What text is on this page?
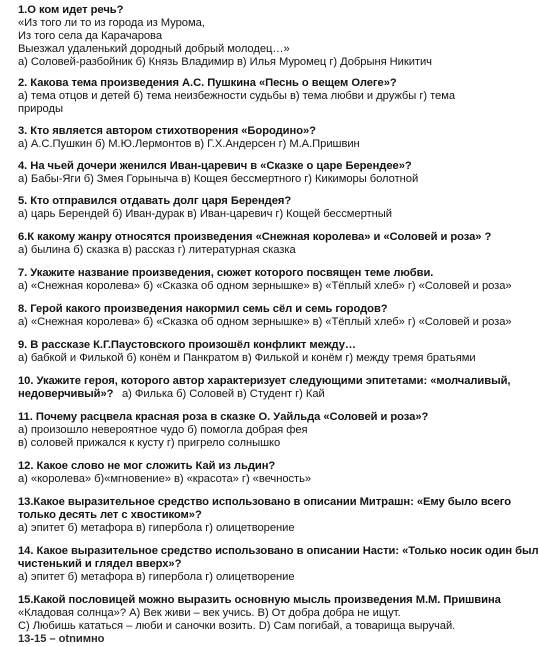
1.О ком идет речь?
«Из того ли то из города из Мурома,
Из того села да Карачарова
Выезжал удаленький дородный добрый молодец…»
а) Соловей-разбойник б) Князь Владимир в) Илья Муромец г) Добрыня Никитич
2. Какова тема произведения А.С. Пушкина «Песнь о вещем Олеге»?
а) тема отцов и детей б) тема неизбежности судьбы в) тема любви и дружбы г) тема
природы
3. Кто является автором стихотворения «Бородино»?
а) А.С.Пушкин б) М.Ю.Лермонтов в) Г.Х.Андерсен г) М.А.Пришвин
4. На чьей дочери женился Иван-царевич в «Сказке о царе Берендее»?
а) Бабы-Яги б) Змея Горыныча в) Кощея бессмертного г) Кикиморы болотной
5. Кто отправился отдавать долг царя Берендея?
а) царь Берендей б) Иван-дурак в) Иван-царевич г) Кощей бессмертный
6.К какому жанру относятся произведения «Снежная королева» и «Соловей и роза» ?
а) былина б) сказка в) рассказ г) литературная сказка
7. Укажите название произведения, сюжет которого посвящен теме любви.
а) «Снежная королева» б) «Сказка об одном зернышке» в) «Тёплый хлеб» г) «Соловей и роза»
8. Герой какого произведения накормил семь сёл и семь городов?
а) «Снежная королева» б) «Сказка об одном зернышке» в) «Тёплый хлеб» г) «Соловей и роза»
9. В рассказе К.Г.Паустовского произошёл конфликт между…
а) бабкой и Филькой б) конём и Панкратом в) Филькой и конём г) между тремя братьями
10. Укажите героя, которого автор характеризует следующими эпитетами: «молчаливый,
недоверчивый»? а) Филька б) Соловей в) Студент г) Кай
11. Почему расцвела красная роза в сказке О. Уайльда «Соловей и роза»?
а) произошло невероятное чудо б) помогла добрая фея
в) соловей прижался к кусту г) пригрело солнышко
12. Какое слово не мог сложить Кай из льдин?
а) «королева» б)«мгновение» в) «красота» г) «вечность»
13.Какое выразительное средство использовано в описании Митрашн: «Ему было всего
только десять лет с хвостиком»?
а) эпитет б) метафора в) гипербола г) олицетворение
14. Какое выразительное средство использовано в описании Насти: «Только носик один был
чистенький и глядел вверх»?
а) эпитет б) метафора в) гипербола г) олицетворение
15.Какой пословицей можно выразить основную мысль произведения М.М. Пришвина
«Кладовая солнца»? А) Век живи – век учись. В) От добра добра не ищут.
С) Любишь кататься – люби и саночки возить. D) Сам погибай, а товарища выручай.
13-15 – оtnимно
